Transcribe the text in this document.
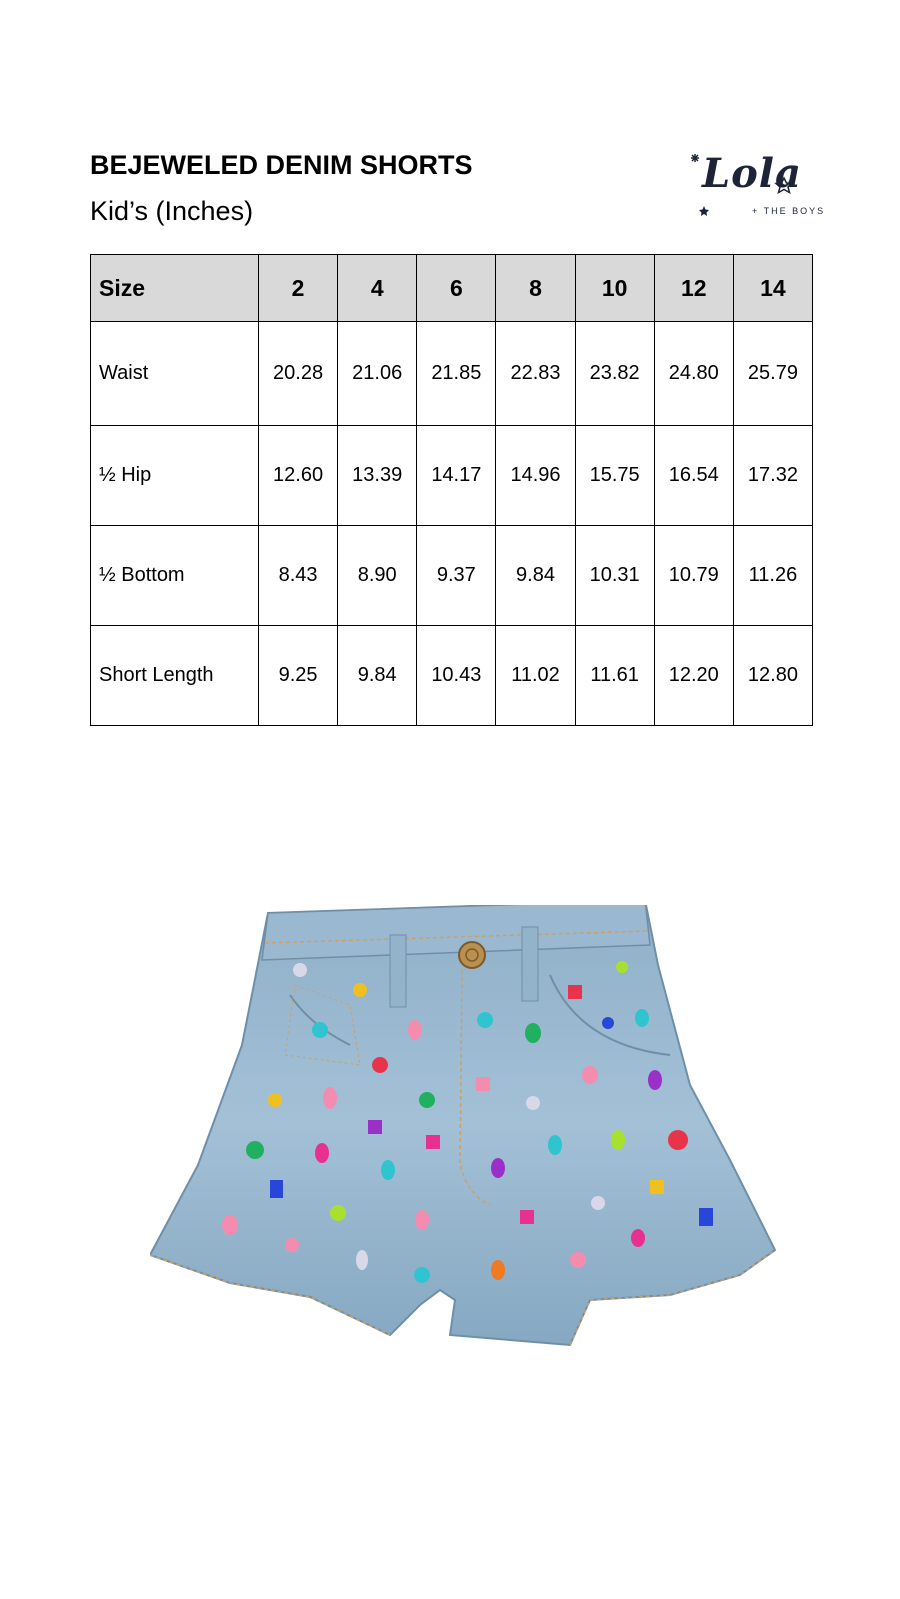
BEJEWELED DENIM SHORTS
Kid’s (Inches)
Lola
+ THE BOYS
Size	2	4	6	8	10	12	14
Waist	20.28	21.06	21.85	22.83	23.82	24.80	25.79
½ Hip	12.60	13.39	14.17	14.96	15.75	16.54	17.32
½ Bottom	8.43	8.90	9.37	9.84	10.31	10.79	11.26
Short Length	9.25	9.84	10.43	11.02	11.61	12.20	12.80
